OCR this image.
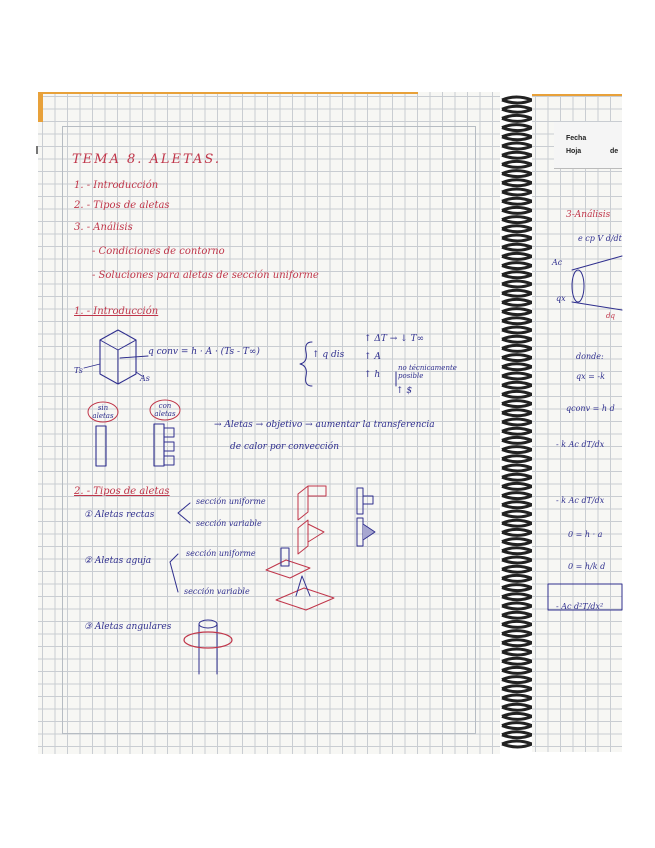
TEMA 8. ALETAS.
1. - Introducción
2. - Tipos de aletas
3. - Análisis
- Condiciones de contorno
- Soluciones para aletas de sección uniforme
1. - Introducción
Ts
As
q conv = h · A · (Ts - T∞)	↑ q dis
↑ ΔT → ↓ T∞
↑ A
↑ h
no técnicamente posible
↑ $
sin aletas
con aletas
→ Aletas → objetivo → aumentar la transferencia
de calor por convección
2. - Tipos de aletas
① Aletas rectas
sección uniforme
sección variable
② Aletas aguja
sección uniforme
sección variable
③ Aletas angulares
Fecha
Hoja	de
3-Análisis
e cp V d/dt
Ac
qx
dq
donde:
qx = -k
qconv = h d
- k Ac dT/dx
- k Ac dT/dx
0 = h · a
0 = h/k d
- Ac d²T/dx²
